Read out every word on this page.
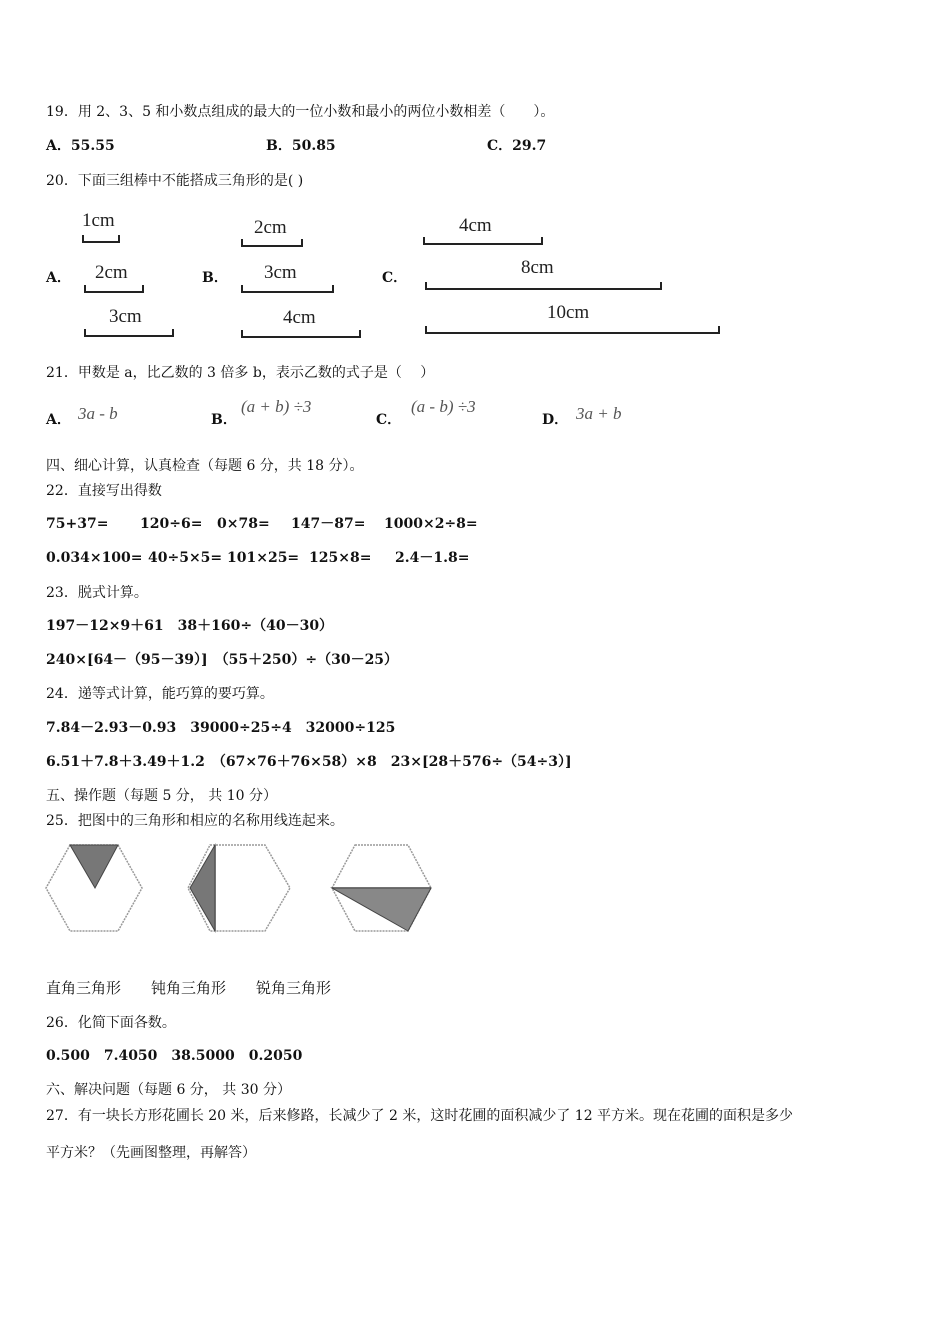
19．用 2、3、5 和小数点组成的最大的一位小数和最小的两位小数相差（　　）。
A．55.55	B．50.85	C．29.7
20．下面三组棒中不能搭成三角形的是( )
A．	B．	C．
1cm
2cm
3cm
2cm
3cm
4cm
4cm
8cm
10cm
21．甲数是 a，比乙数的 3 倍多 b，表示乙数的式子是（　 ）
A． 3a - b	B．
(a + b) ÷3
C．
(a - b) ÷3
D． 3a + b
四、细心计算，认真检查（每题 6 分，共 18 分）。
22．直接写出得数
75+37= 120÷6= 0×78= 147－87= 1000×2÷8=
0.034×100= 40÷5×5= 101×25= 125×8= 2.4－1.8=
23．脱式计算。
197－12×9＋61　38＋160÷（40－30）
240×[64－（95－39）]　（55＋250）÷（30－25）
24．递等式计算，能巧算的要巧算。
7.84－2.93－0.93　39000÷25÷4　32000÷125
6.51＋7.8＋3.49＋1.2　（67×76＋76×58）×8　23×[28＋576÷（54÷3）]
五、操作题（每题 5 分， 共 10 分）
25．把图中的三角形和相应的名称用线连起来。
直角三角形　　钝角三角形　　锐角三角形
26．化简下面各数。
0.500　7.4050　38.5000　0.2050
六、解决问题（每题 6 分， 共 30 分）
27．有一块长方形花圃长 20 米，后来修路，长减少了 2 米，这时花圃的面积减少了 12 平方米。现在花圃的面积是多少
平方米？（先画图整理，再解答）
